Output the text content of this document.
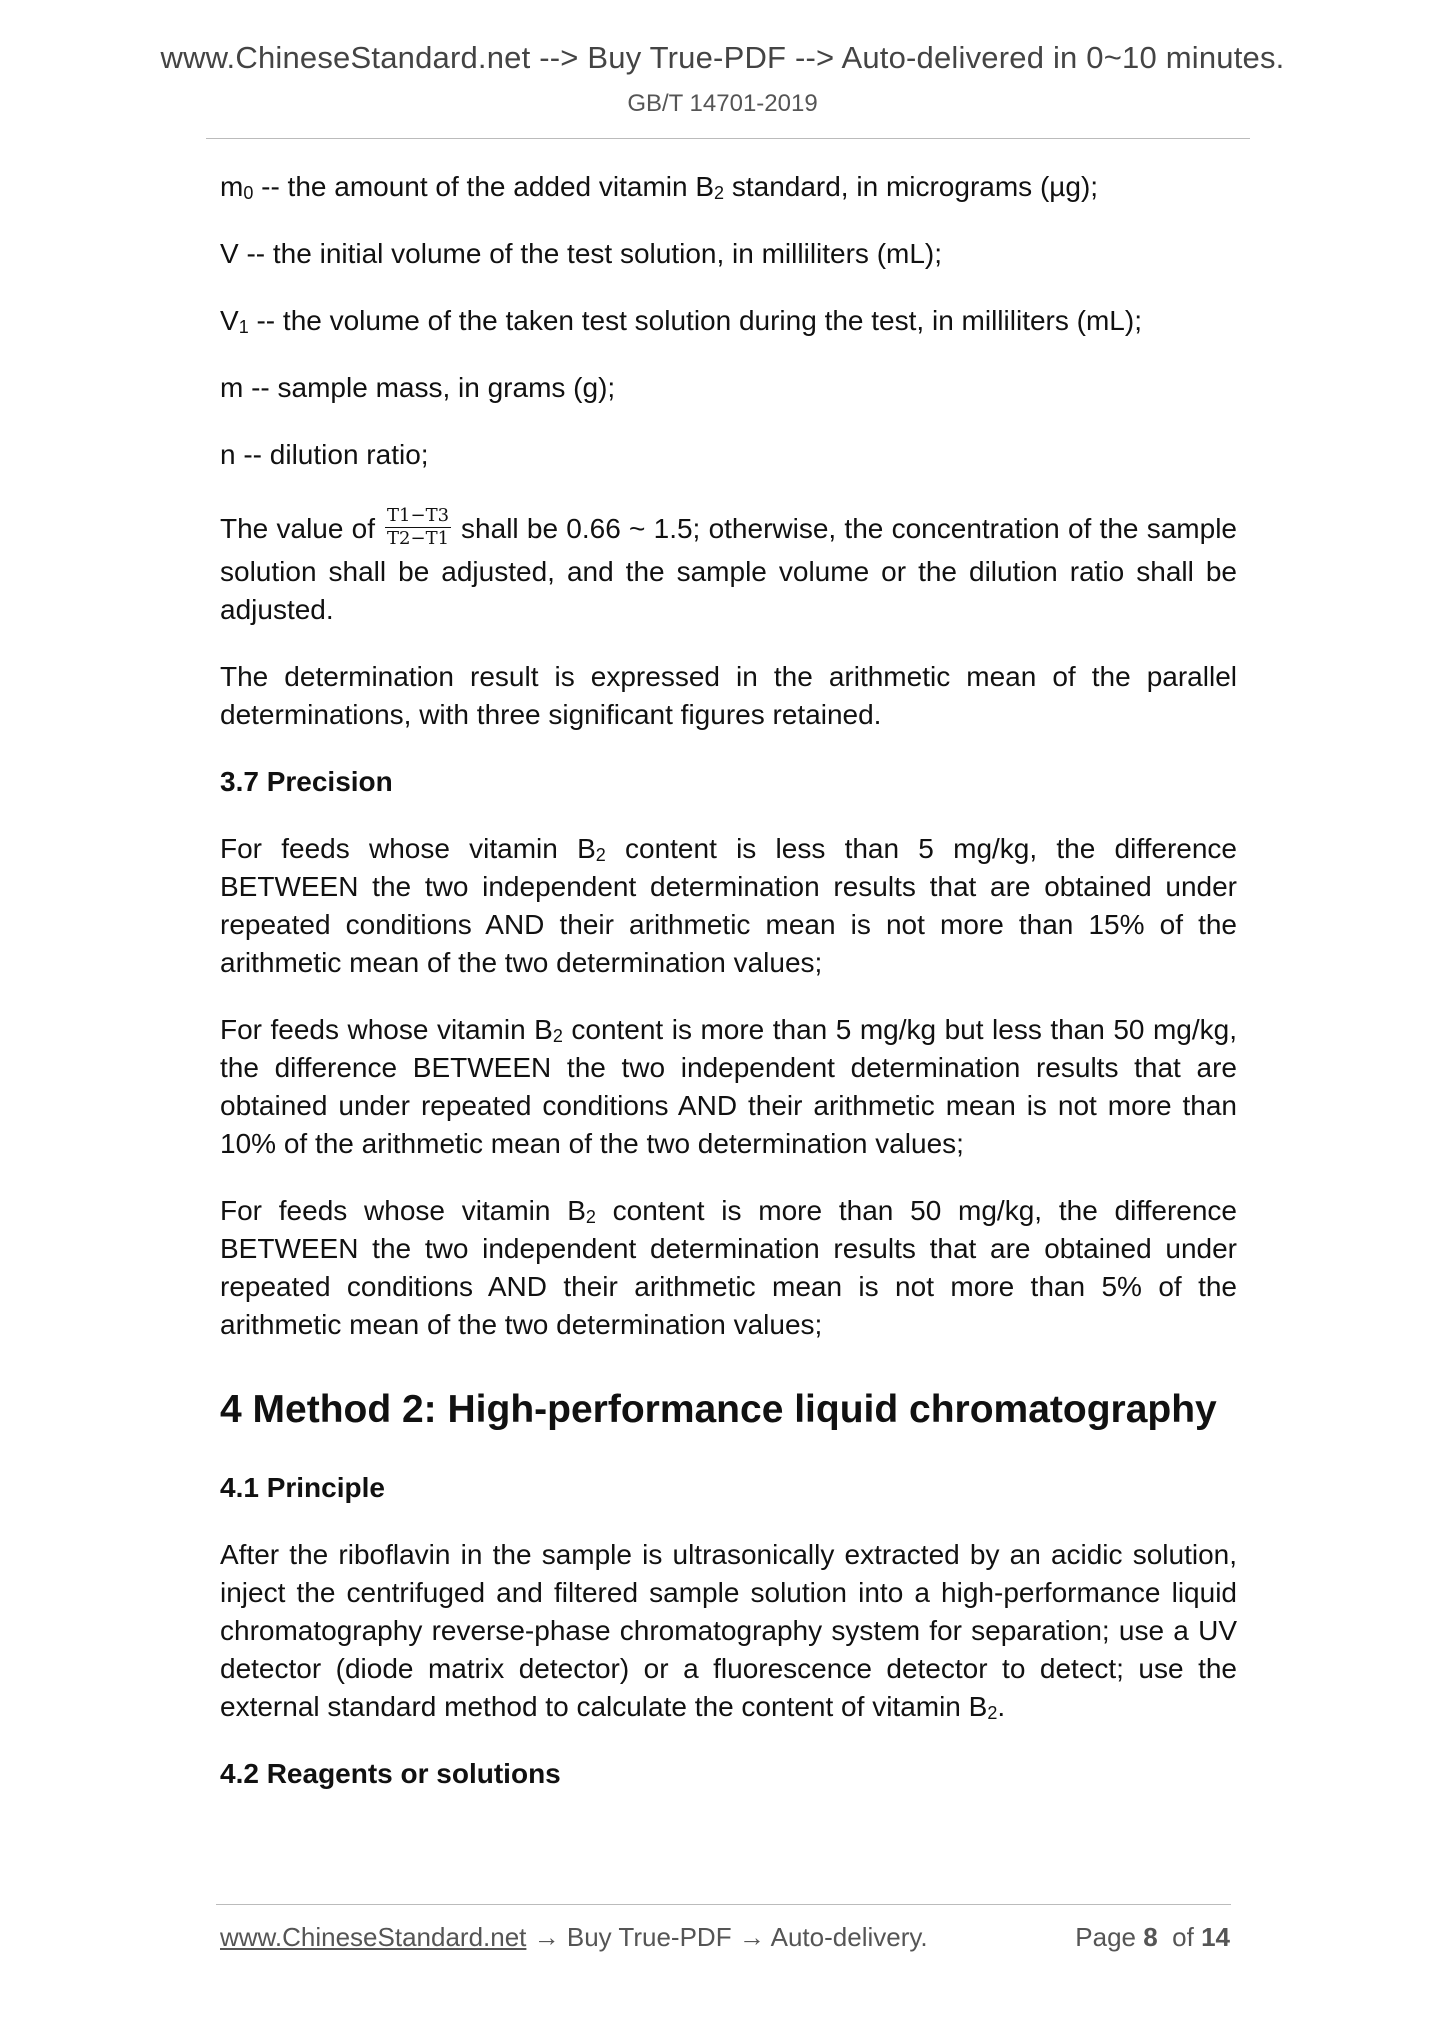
www.ChineseStandard.net --> Buy True-PDF --> Auto-delivered in 0~10 minutes.
GB/T 14701-2019

m0 -- the amount of the added vitamin B2 standard, in micrograms (µg);

V -- the initial volume of the test solution, in milliliters (mL);

V1 -- the volume of the taken test solution during the test, in milliliters (mL);

m -- sample mass, in grams (g);

n -- dilution ratio;

The value of $\frac{T1-T3}{T2-T1}$ shall be 0.66 ~ 1.5; otherwise, the concentration of the sample solution shall be adjusted, and the sample volume or the dilution ratio shall be adjusted.

The determination result is expressed in the arithmetic mean of the parallel determinations, with three significant figures retained.

3.7 Precision

For feeds whose vitamin B2 content is less than 5 mg/kg, the difference BETWEEN the two independent determination results that are obtained under repeated conditions AND their arithmetic mean is not more than 15% of the arithmetic mean of the two determination values;

For feeds whose vitamin B2 content is more than 5 mg/kg but less than 50 mg/kg, the difference BETWEEN the two independent determination results that are obtained under repeated conditions AND their arithmetic mean is not more than 10% of the arithmetic mean of the two determination values;

For feeds whose vitamin B2 content is more than 50 mg/kg, the difference BETWEEN the two independent determination results that are obtained under repeated conditions AND their arithmetic mean is not more than 5% of the arithmetic mean of the two determination values;

4 Method 2: High-performance liquid chromatography
4.1 Principle

After the riboflavin in the sample is ultrasonically extracted by an acidic solution, inject the centrifuged and filtered sample solution into a high-performance liquid chromatography reverse-phase chromatography system for separation; use a UV detector (diode matrix detector) or a fluorescence detector to detect; use the external standard method to calculate the content of vitamin B2.

4.2 Reagents or solutions
www.ChineseStandard.net → Buy True-PDF → Auto-delivery.	Page 8 of 14
